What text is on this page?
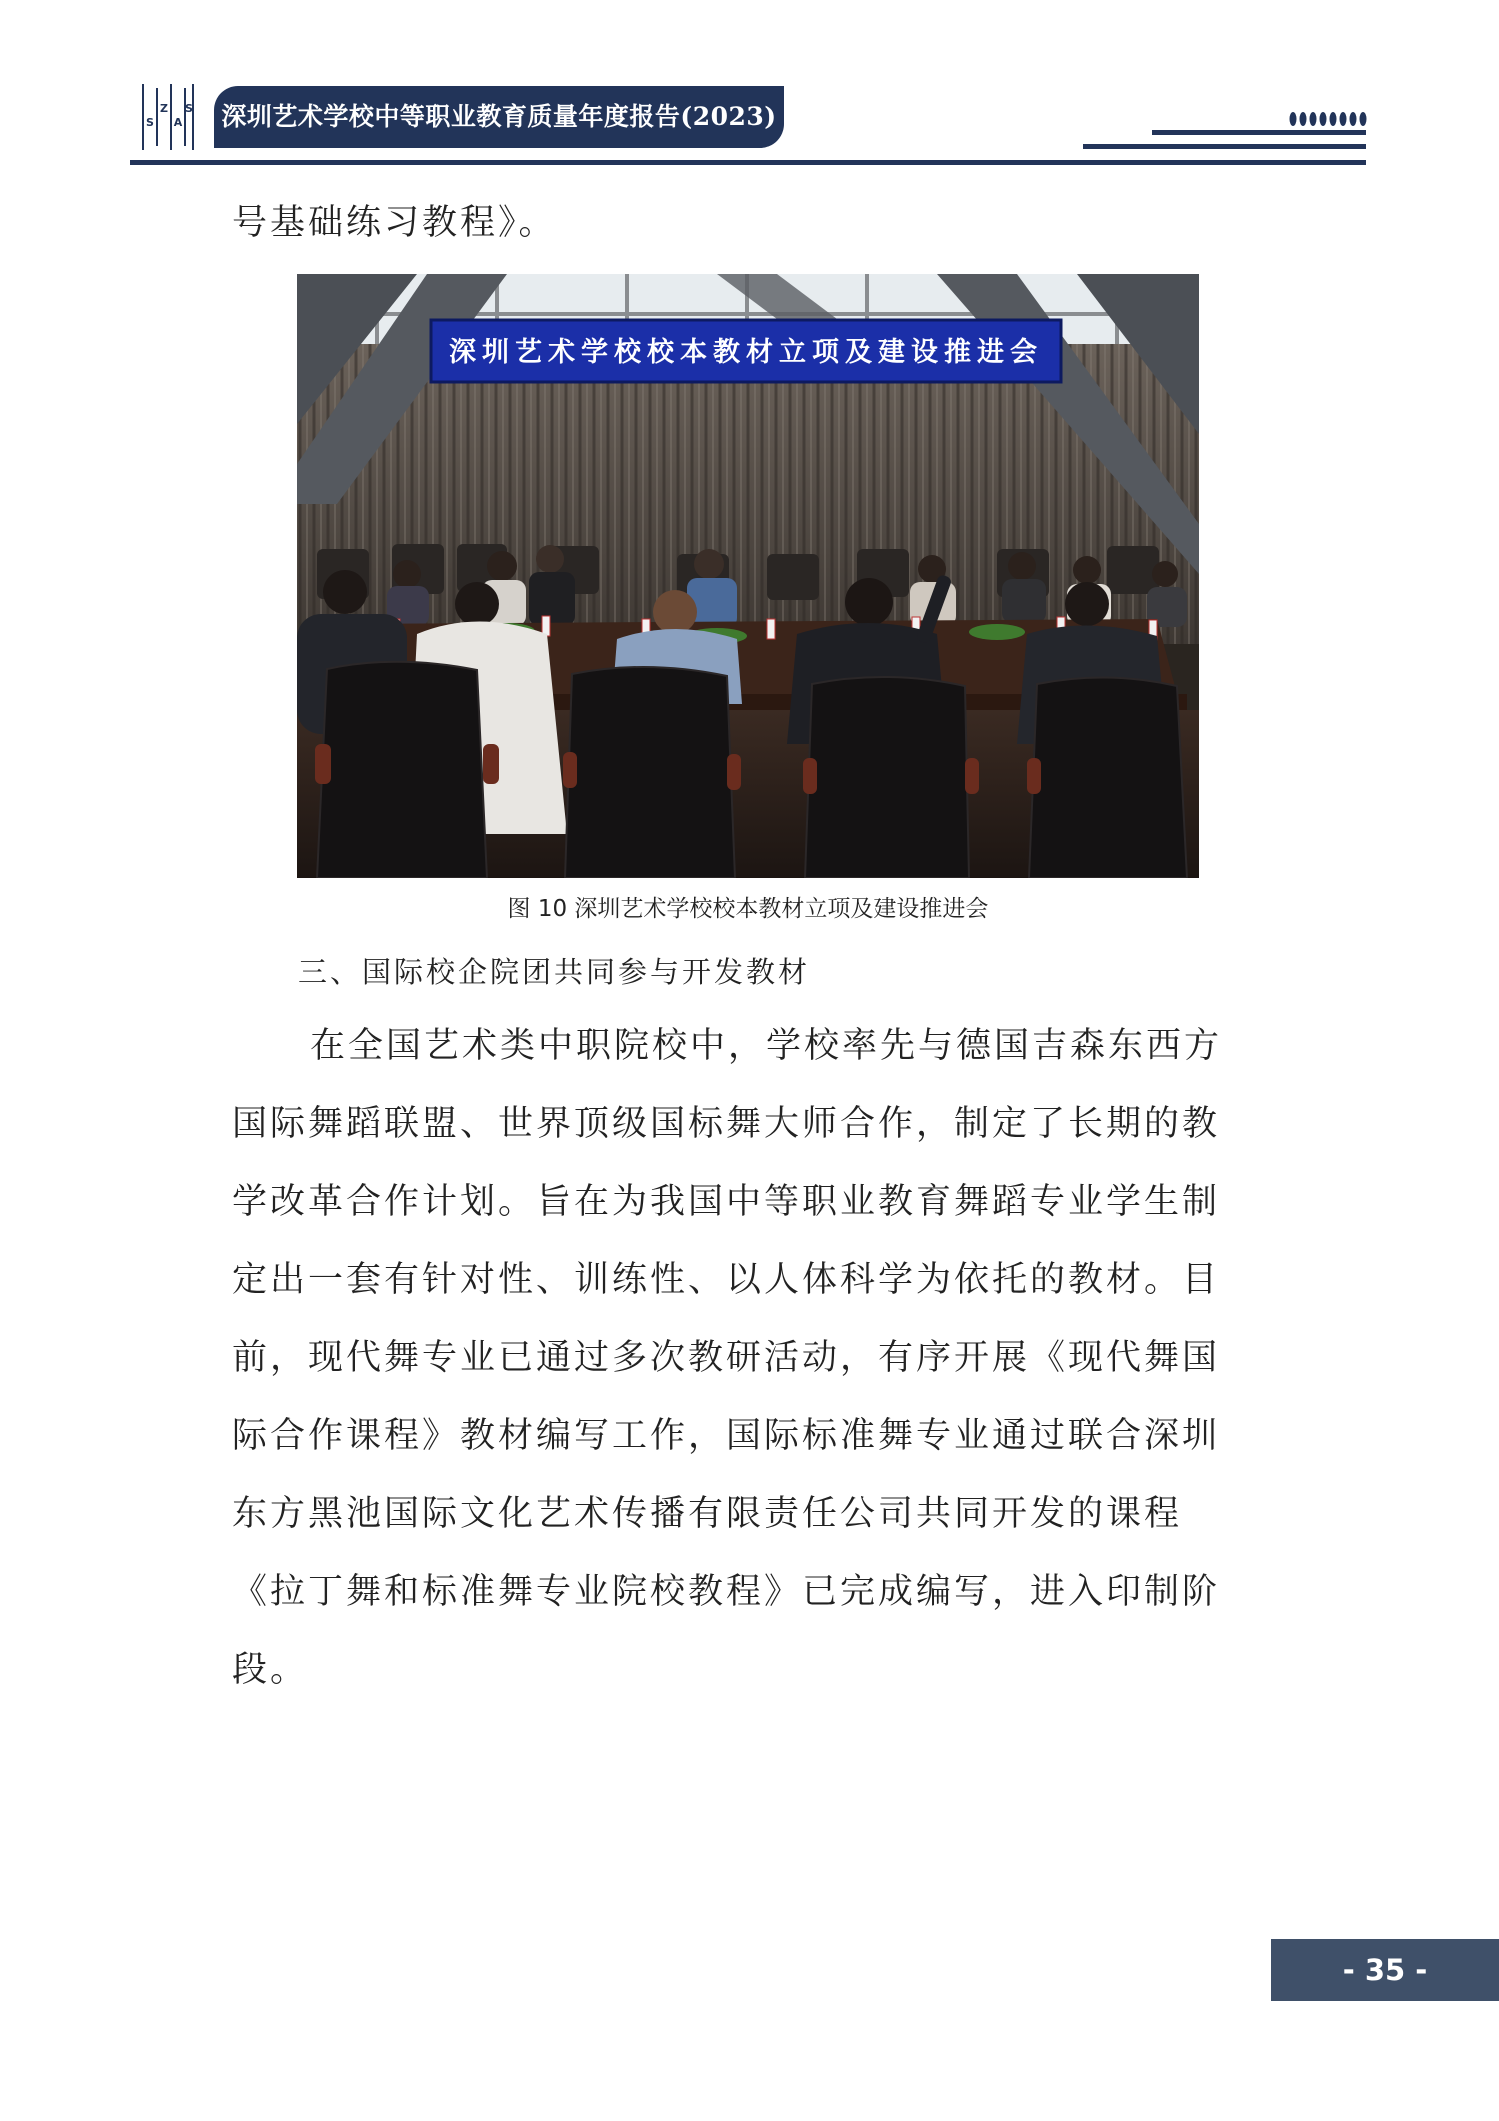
S
Z
A
S 深圳艺术学校中等职业教育质量年度报告(2023)
号基础练习教程》。
深圳艺术学校校本教材立项及建设推进会
图 10 深圳艺术学校校本教材立项及建设推进会
三、国际校企院团共同参与开发教材
在全国艺术类中职院校中，学校率先与德国吉森东西方
国际舞蹈联盟、世界顶级国标舞大师合作，制定了长期的教
学改革合作计划。旨在为我国中等职业教育舞蹈专业学生制
定出一套有针对性、训练性、以人体科学为依托的教材。目
前，现代舞专业已通过多次教研活动，有序开展《现代舞国
际合作课程》教材编写工作，国际标准舞专业通过联合深圳
东方黑池国际文化艺术传播有限责任公司共同开发的课程
《拉丁舞和标准舞专业院校教程》已完成编写，进入印制阶
段。
- 35 -
